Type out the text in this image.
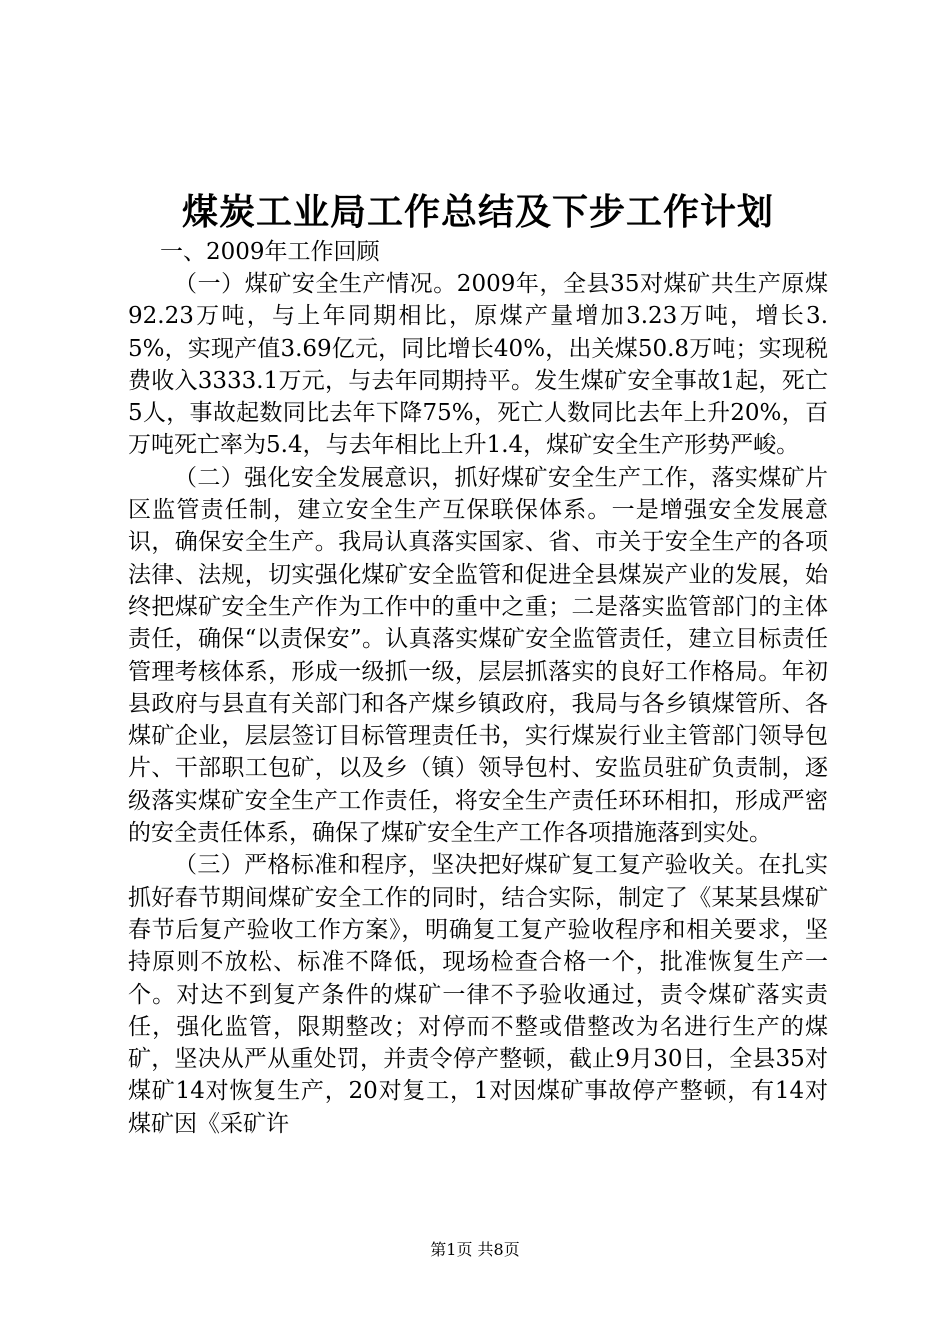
煤炭工业局工作总结及下步工作计划

一、2009年工作回顾

（一）煤矿安全生产情况。2009年，全县35对煤矿共生产原煤92.23万吨，与上年同期相比，原煤产量增加3.23万吨，增长3.5%，实现产值3.69亿元，同比增长40%，出关煤50.8万吨；实现税费收入3333.1万元，与去年同期持平。发生煤矿安全事故1起，死亡5人，事故起数同比去年下降75%，死亡人数同比去年上升20%，百万吨死亡率为5.4，与去年相比上升1.4，煤矿安全生产形势严峻。

（二）强化安全发展意识，抓好煤矿安全生产工作，落实煤矿片区监管责任制，建立安全生产互保联保体系。一是增强安全发展意识，确保安全生产。我局认真落实国家、省、市关于安全生产的各项法律、法规，切实强化煤矿安全监管和促进全县煤炭产业的发展，始终把煤矿安全生产作为工作中的重中之重；二是落实监管部门的主体责任，确保“以责保安”。认真落实煤矿安全监管责任，建立目标责任管理考核体系，形成一级抓一级，层层抓落实的良好工作格局。年初县政府与县直有关部门和各产煤乡镇政府，我局与各乡镇煤管所、各煤矿企业，层层签订目标管理责任书，实行煤炭行业主管部门领导包片、干部职工包矿，以及乡（镇）领导包村、安监员驻矿负责制，逐级落实煤矿安全生产工作责任，将安全生产责任环环相扣，形成严密的安全责任体系，确保了煤矿安全生产工作各项措施落到实处。

（三）严格标准和程序，坚决把好煤矿复工复产验收关。在扎实抓好春节期间煤矿安全工作的同时，结合实际，制定了《某某县煤矿春节后复产验收工作方案》，明确复工复产验收程序和相关要求，坚持原则不放松、标准不降低，现场检查合格一个，批准恢复生产一个。对达不到复产条件的煤矿一律不予验收通过，责令煤矿落实责任，强化监管，限期整改；对停而不整或借整改为名进行生产的煤矿，坚决从严从重处罚，并责令停产整顿，截止9月30日，全县35对煤矿14对恢复生产，20对复工，1对因煤矿事故停产整顿，有14对煤矿因《采矿许

第1页 共8页
